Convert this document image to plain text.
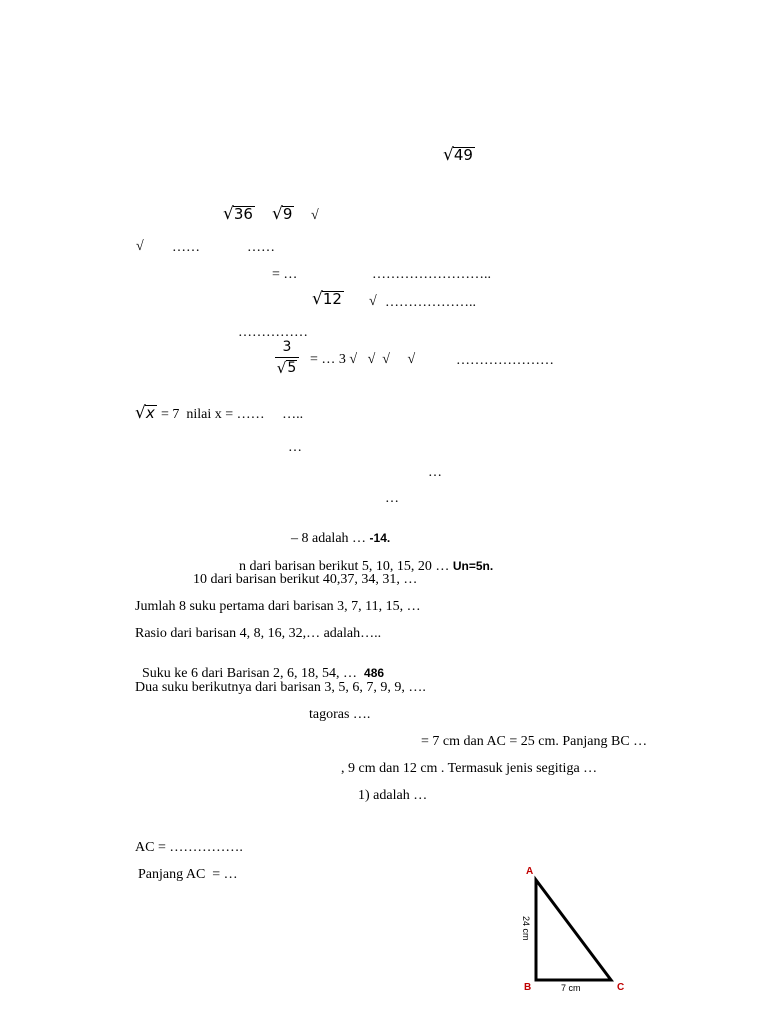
√ 49
√ 36 √ 9 √
√ ……	……
= …	……………………..
√ 12 √ ………………..
……………
3
√ 5
= … 3 √   √  √     √	…………………
√ x = 7  nilai x = ……     …..
…
…
…

– 8 adalah … -14.

n dari barisan berikut 5, 10, 15, 20 … Un=5n.

10 dari barisan berikut 40,37, 34, 31, …
Jumlah 8 suku pertama dari barisan 3, 7, 11, 15, …
Rasio dari barisan 4, 8, 16, 32,… adalah…..

Suku ke 6 dari Barisan 2, 6, 18, 54, …  486

Dua suku berikutnya dari barisan 3, 5, 6, 7, 9, 9, ….
tagoras ….
= 7 cm dan AC = 25 cm. Panjang BC …
, 9 cm dan 12 cm . Termasuk jenis segitiga …
1) adalah …
AC = …………….
Panjang AC  = …	A
B	C
24 cm
7 cm
